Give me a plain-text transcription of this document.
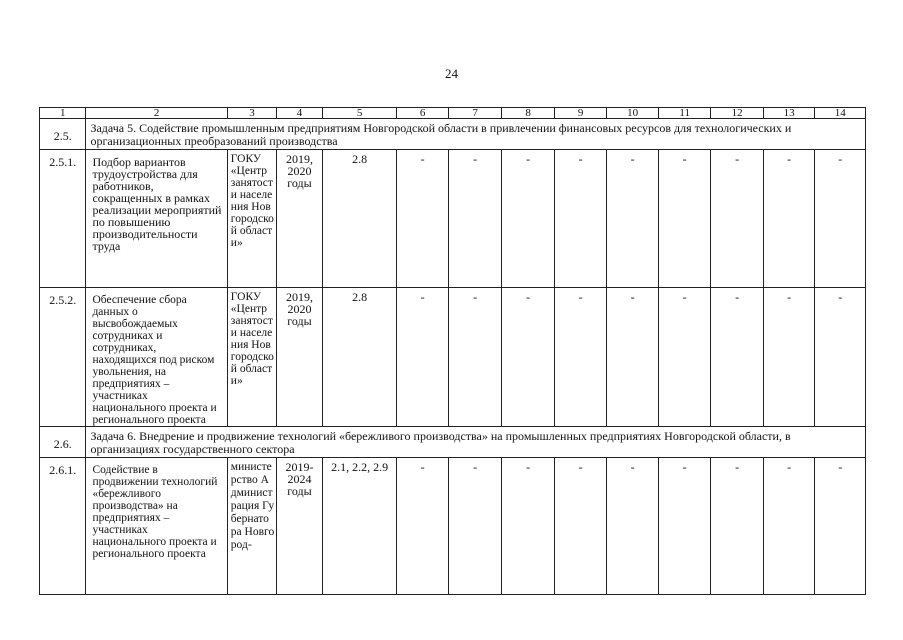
24
1	2	3	4	5	6	7	8	9	10	11	12	13	14
2.5.	Задача 5. Содействие промышленным предприятиям Новгородской области в привлечении финансовых ресурсов для технологических и организационных преобразований производства												
2.5.1.	Подбор вариантов трудоустройства для работников, сокращенных в рамках реализации мероприятий по повышению производительности труда	ГОКУ «Центр занятости населения Новгородской области»	2019, 2020 годы	2.8	-	-	-	-	-	-	-	-	-
2.5.2.	Обеспечение сбора данных о высвобождаемых сотрудниках и сотрудниках, находящихся под риском увольнения, на предприятиях – участниках национального проекта и регионального проекта	ГОКУ «Центр занятости населения Новгородской области»	2019, 2020 годы	2.8	-	-	-	-	-	-	-	-	-
2.6.	Задача 6. Внедрение и продвижение технологий «бережливого производства» на промышленных предприятиях Новгородской области, в организациях государственного сектора												
2.6.1.	Содействие в продвижении технологий «бережливого производства» на предприятиях – участниках национального проекта и регионального проекта	министерство Администрация Губернатора Новгород-	2019-2024 годы	2.1, 2.2, 2.9	-	-	-	-	-	-	-	-	-
